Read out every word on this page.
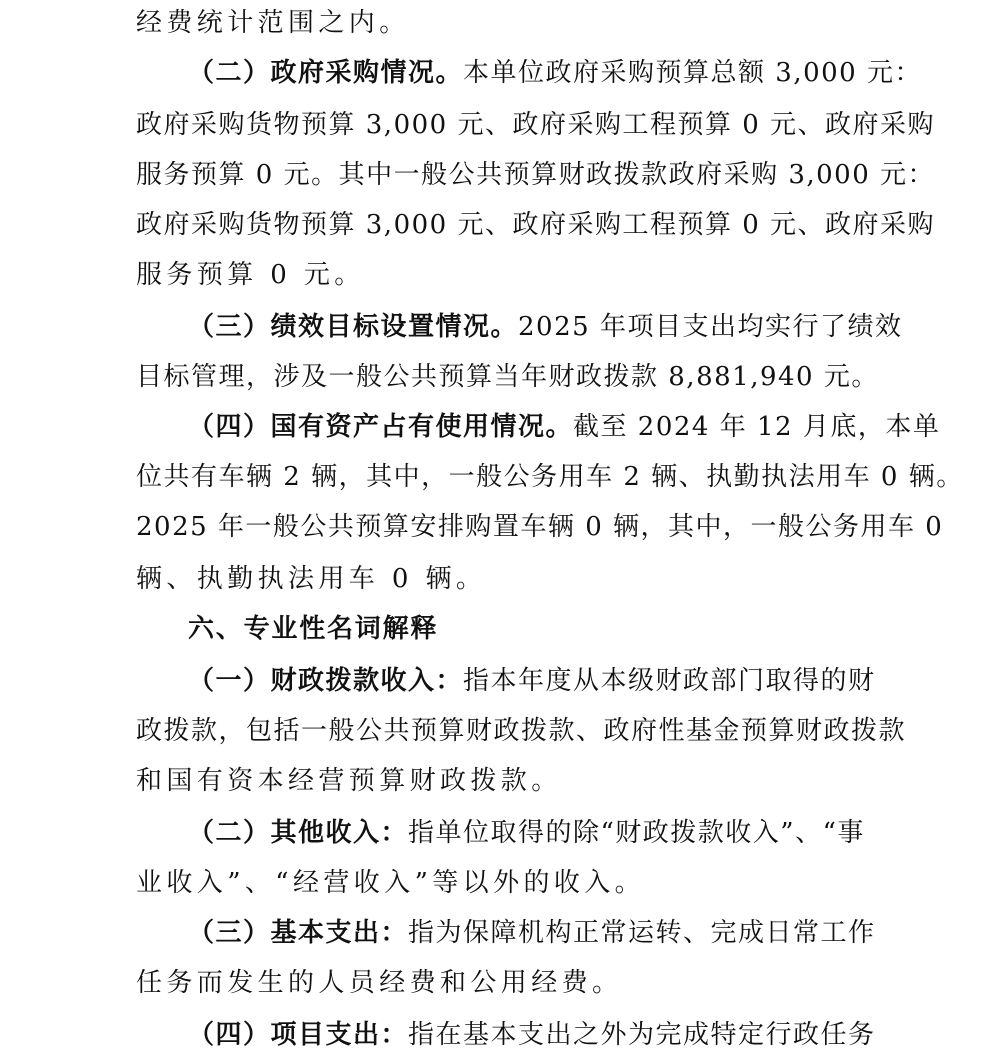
经费统计范围之内。
（二）政府采购情况。本单位政府采购预算总额 3,000 元：
政府采购货物预算 3,000 元、政府采购工程预算 0 元、政府采购
服务预算 0 元。其中一般公共预算财政拨款政府采购 3,000 元：
政府采购货物预算 3,000 元、政府采购工程预算 0 元、政府采购
服务预算 0 元。
（三）绩效目标设置情况。2025 年项目支出均实行了绩效
目标管理，涉及一般公共预算当年财政拨款 8,881,940 元。
（四）国有资产占有使用情况。截至 2024 年 12 月底，本单
位共有车辆 2 辆，其中，一般公务用车 2 辆、执勤执法用车 0 辆。
2025 年一般公共预算安排购置车辆 0 辆，其中，一般公务用车 0
辆、执勤执法用车 0 辆。
六、专业性名词解释
（一）财政拨款收入：指本年度从本级财政部门取得的财
政拨款，包括一般公共预算财政拨款、政府性基金预算财政拨款
和国有资本经营预算财政拨款。
（二）其他收入：指单位取得的除“财政拨款收入”、“事
业收入”、“经营收入”等以外的收入。
（三）基本支出：指为保障机构正常运转、完成日常工作
任务而发生的人员经费和公用经费。
（四）项目支出：指在基本支出之外为完成特定行政任务
